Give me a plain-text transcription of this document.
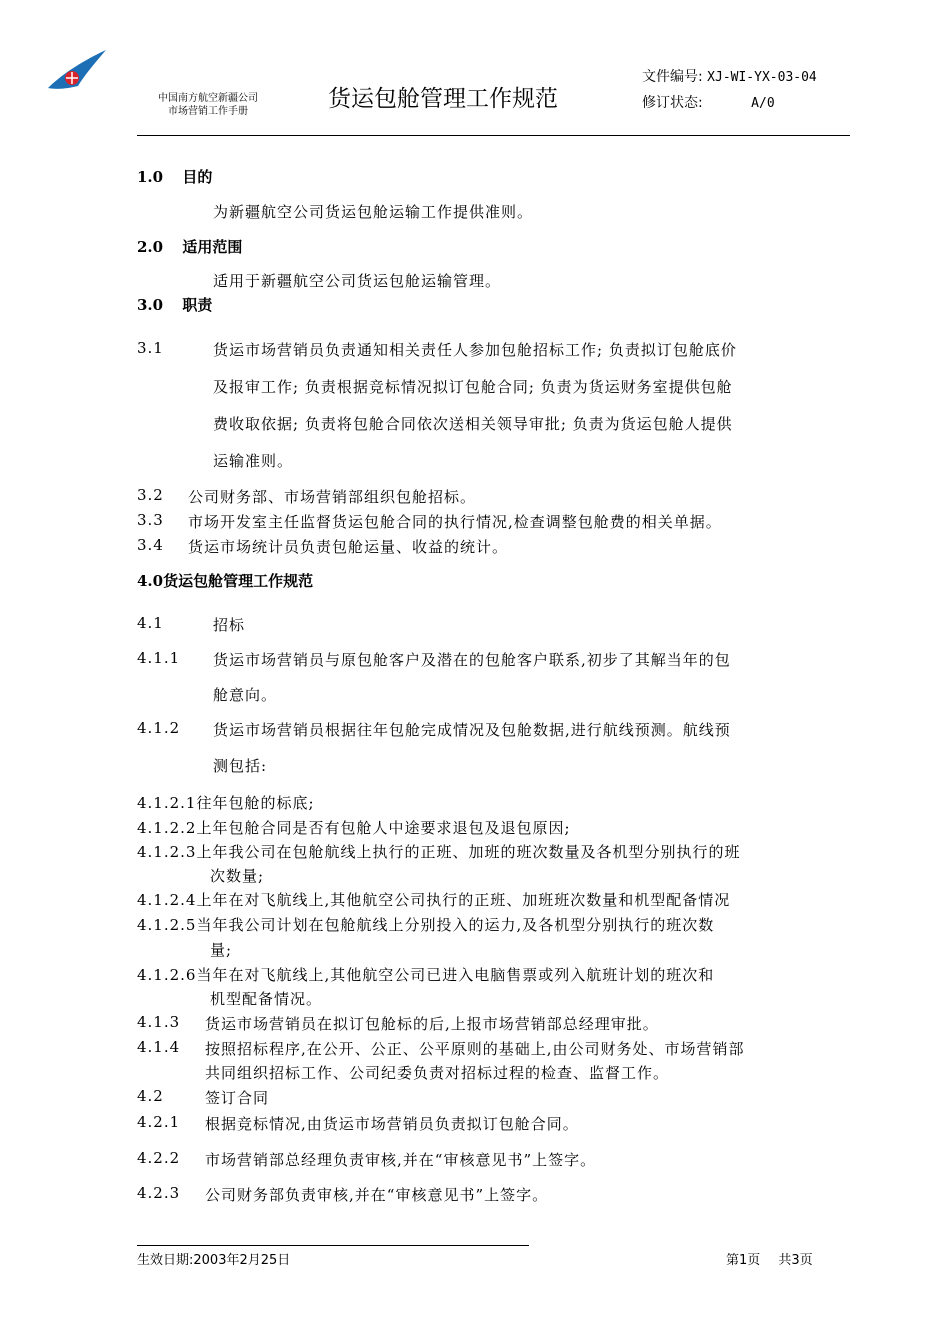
中国南方航空新疆公司
市场营销工作手册	货运包舱管理工作规范
文件编号: XJ-WI-YX-03-04
修订状态:	A/0
1.0 目的
为新疆航空公司货运包舱运输工作提供准则。
2.0 适用范围
适用于新疆航空公司货运包舱运输管理。
3.0 职责
3.1	货运市场营销员负责通知相关责任人参加包舱招标工作; 负责拟订包舱底价
及报审工作; 负责根据竞标情况拟订包舱合同; 负责为货运财务室提供包舱
费收取依据; 负责将包舱合同依次送相关领导审批; 负责为货运包舱人提供
运输准则。
3.2 公司财务部、市场营销部组织包舱招标。
3.3 市场开发室主任监督货运包舱合同的执行情况,检查调整包舱费的相关单据。
3.4 货运市场统计员负责包舱运量、收益的统计。
4.0货运包舱管理工作规范
4.1	招标
4.1.1 货运市场营销员与原包舱客户及潜在的包舱客户联系,初步了其解当年的包
舱意向。
4.1.2 货运市场营销员根据往年包舱完成情况及包舱数据,进行航线预测。航线预
测包括:
4.1.2.1往年包舱的标底;
4.1.2.2上年包舱合同是否有包舱人中途要求退包及退包原因;
4.1.2.3上年我公司在包舱航线上执行的正班、加班的班次数量及各机型分别执行的班
次数量;
4.1.2.4上年在对飞航线上,其他航空公司执行的正班、加班班次数量和机型配备情况
4.1.2.5当年我公司计划在包舱航线上分别投入的运力,及各机型分别执行的班次数
量;
4.1.2.6当年在对飞航线上,其他航空公司已进入电脑售票或列入航班计划的班次和
机型配备情况。
4.1.3 货运市场营销员在拟订包舱标的后,上报市场营销部总经理审批。
4.1.4 按照招标程序,在公开、公正、公平原则的基础上,由公司财务处、市场营销部
共同组织招标工作、公司纪委负责对招标过程的检查、监督工作。
4.2	签订合同
4.2.1 根据竞标情况,由货运市场营销员负责拟订包舱合同。
4.2.2 市场营销部总经理负责审核,并在“审核意见书”上签字。
4.2.3 公司财务部负责审核,并在“审核意见书”上签字。
生效日期:2003年2月25日	第1页 共3页
